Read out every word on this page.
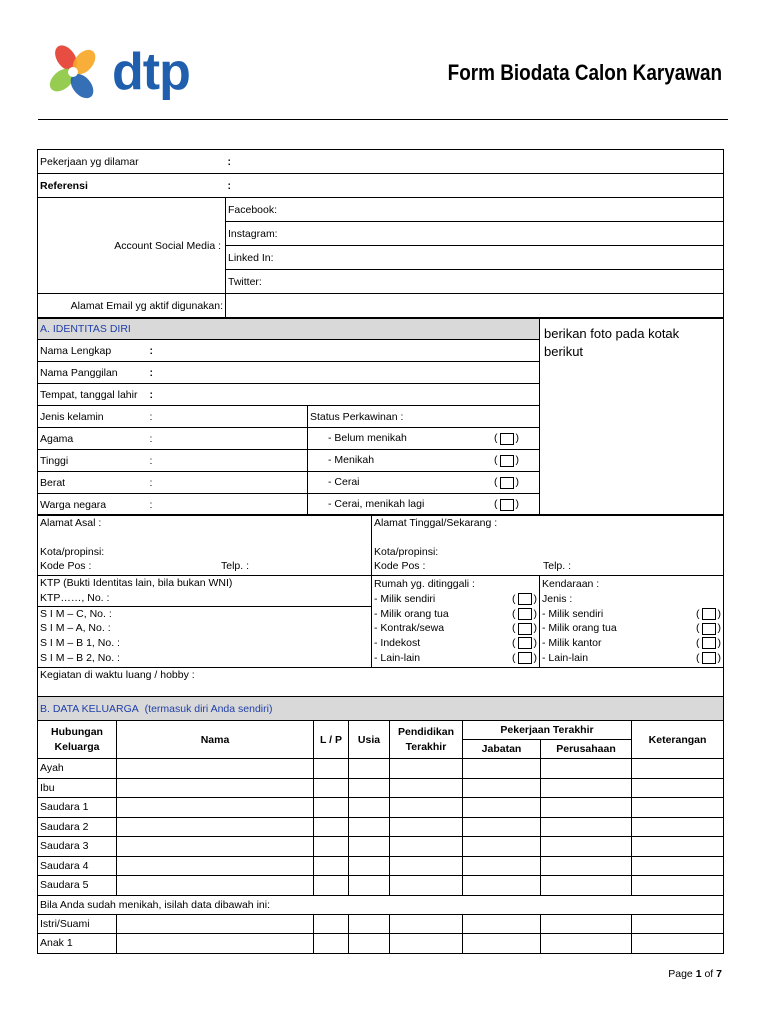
dtp	Form Biodata Calon Karyawan
Pekerjaan yg dilamar	:
Referensi	:
Account Social Media :	Facebook:
	Instagram:
	Linked In:
	Twitter:
Alamat Email yg aktif digunakan:	
A. IDENTITAS DIRI			berikan foto pada kotak berikut
Nama Lengkap	:		
Nama Panggilan	:		
Tempat, tanggal lahir	:		
Jenis kelamin	:	Status Perkawinan :	
Agama	:	- Belum menikah ( )	

Tinggi	:	- Menikah ( )	

Berat	:	- Cerai ( )	

Warga negara	:	- Cerai, menikah lagi ( )	
Alamat Asal :
Kota/propinsi:
Kode Pos :	Telp. :

Alamat Tinggal/Sekarang :
Kota/propinsi:
Kode Pos :	Telp. :
KTP (Bukti Identitas lain, bila bukan WNI)
KTP……, No. :
S I M – C, No. :
S I M – A, No. :
S I M – B 1, No. :
S I M – B 2, No. :

Rumah yg. ditinggali :
- Milik sendiri	( )
- Milik orang tua	( )
- Kontrak/sewa	( )
- Indekost	( )
- Lain-lain	( )

Kendaraan :
Jenis :
- Milik sendiri	( )
- Milik orang tua	( )
- Milik kantor	( )
- Lain-lain	( )

Kegiatan di waktu luang / hobby :
B. DATA KELUARGA (termasuk diri Anda sendiri)							
Hubungan Keluarga	Nama	L / P	Usia	Pendidikan Terakhir	Pekerjaan Terakhir		Keterangan
					Jabatan	Perusahaan	
Ayah							
Ibu							
Saudara 1							
Saudara 2							
Saudara 3							
Saudara 4							
Saudara 5							
Bila Anda sudah menikah, isilah data dibawah ini:							
Istri/Suami							
Anak 1							
Page 1 of 7
